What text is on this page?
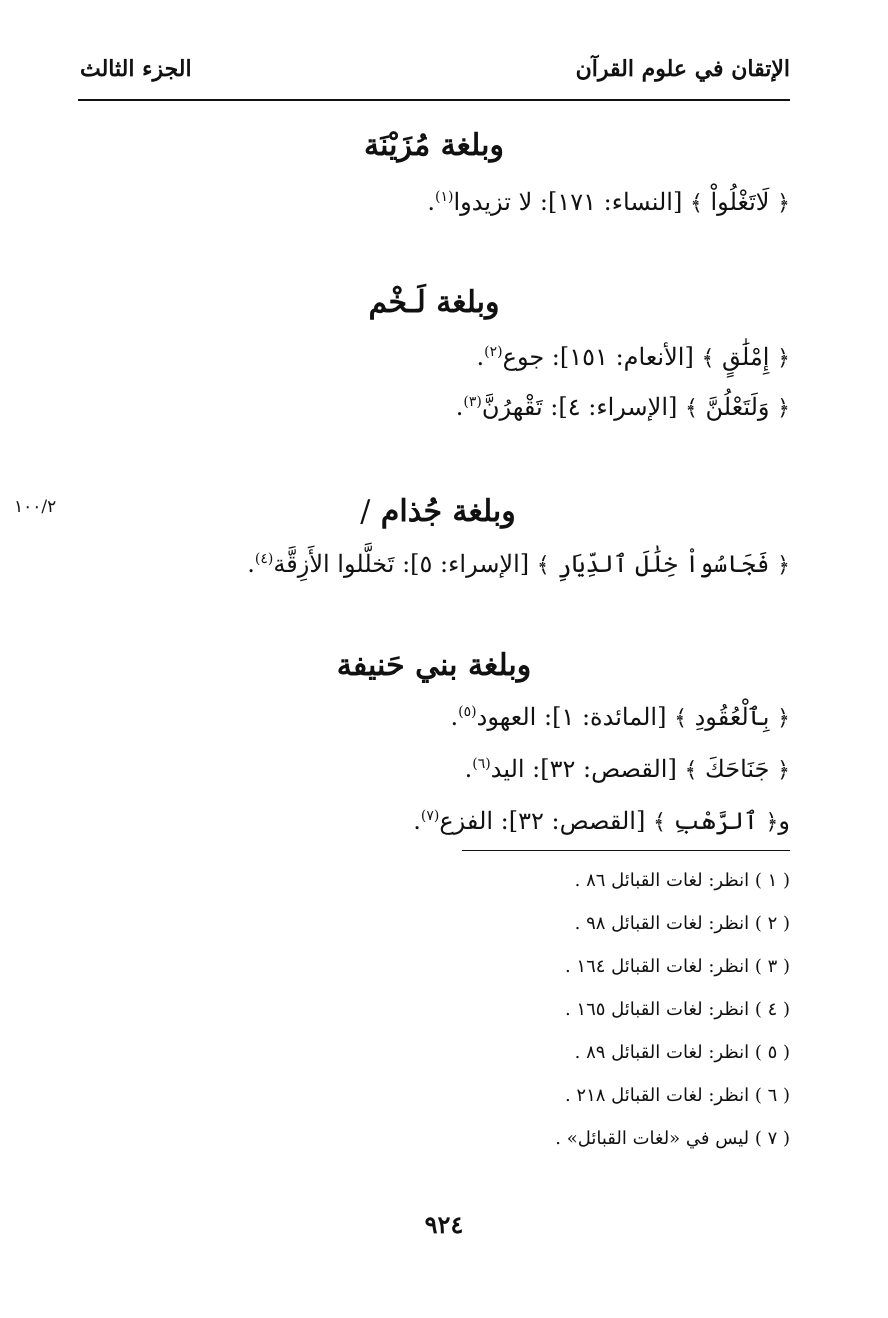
الإتقان في علوم القرآن
الجزء الثالث
وبلغة مُزَيْنَة
﴿ لَاتَغْلُواْ ﴾ [النساء: ١٧١]: لا تزيدوا$^{(١)}$.
وبلغة لَـخْم
﴿ إِمْلَٰقٍ ﴾ [الأنعام: ١٥١]: جوع$^{(٢)}$.
﴿ وَلَتَعْلُنَّ ﴾ [الإسراء: ٤]: تَقْهرُنَّ$^{(٣)}$.
١٠٠/٢	وبلغة جُذام /
﴿ فَجَاسُواْ خِلَٰلَ ٱلدِّيَارِ ﴾ [الإسراء: ٥]: تَخلَّلوا الأَزِقَّة$^{(٤)}$.
وبلغة بني حَنيفة
﴿ بِٱلْعُقُودِ ﴾ [المائدة: ١]: العهود$^{(٥)}$.
﴿ جَنَاحَكَ ﴾ [القصص: ٣٢]: اليد$^{(٦)}$.
و﴿ ٱلرَّهْبِ ﴾ [القصص: ٣٢]: الفزع$^{(٧)}$.
( ١ ) انظر: لغات القبائل ٨٦ .
( ٢ ) انظر: لغات القبائل ٩٨ .
( ٣ ) انظر: لغات القبائل ١٦٤ .
( ٤ ) انظر: لغات القبائل ١٦٥ .
( ٥ ) انظر: لغات القبائل ٨٩ .
( ٦ ) انظر: لغات القبائل ٢١٨ .
( ٧ ) ليس في «لغات القبائل» .
٩٢٤
